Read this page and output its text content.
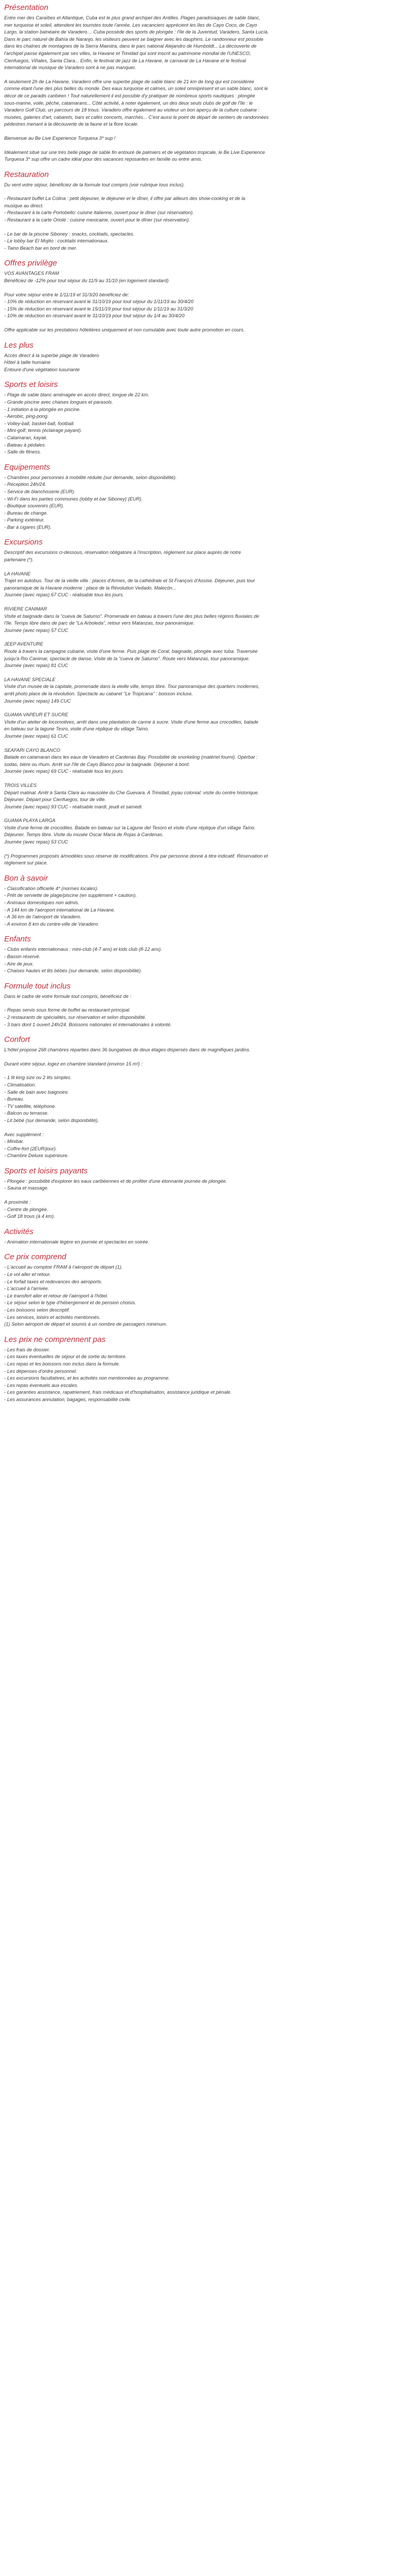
Présentation
Entre mer des Caraïbes et Atlantique, Cuba est le plus grand archipel des Antilles. Plages paradisiaques de sable blanc,
mer turquoise et soleil, attendent les touristes toute l'année. Les vacanciers apprécient les îles de Cayo Coco, de Cayo
Largo, la station balnéaire de Varadero… Cuba possède des sports de plongée : l'île de la Juventud, Varadero, Santa Lucía.
Dans le parc naturel de Bahía de Naranjo, les visiteurs peuvent se baigner avec les dauphins. Le randonneur est possible
dans les chaînes de montagnes de la Sierra Maestra, dans le parc national Alejandro de Humboldt... La découverte de
l'archipel passe également par ses villes, la Havane et Trinidad qui sont inscrit au patrimoine mondial de l'UNESCO,
Cienfuegos, Viñales, Santa Clara... Enfin, le festival de jazz de La Havane, le carnaval de La Havane et le festival
international de musique de Varadero sont à ne pas manquer.
A seulement 2h de La Havane, Varadero offre une superbe plage de sable blanc de 21 km de long qui est considérée
comme étant l'une des plus belles du monde. Des eaux turquoise et calmes, un soleil omniprésent et un sable blanc, sont le
décor de ce paradis caribéen ! Tout naturellement il est possible d'y pratiquer de nombreux sports nautiques : plongée
sous-marine, voile, pêche, catamarans... Côté activité, à noter également, un des deux seuls clubs de golf de l'île : le
Varadero Golf Club, un parcours de 18 trous. Varadero offre également au visiteur un bon aperçu de la culture cubaine :
musées, galeries d'art, cabarets, bars et cafés concerts, marchés... C'est aussi le point de départ de sentiers de randonnées
pédestres menant à la découverte de la faune et la flore locale.
Bienvenue au Be Live Experience Turquesa 3* sup !
Idéalement situé sur une très belle plage de sable fin entouré de palmiers et de végétation tropicale, le Be Live Experience
Turquesa 3* sup offre un cadre idéal pour des vacances reposantes en famille ou entre amis.
Restauration
Du vent votre séjour, bénéficiez de la formule tout compris (voir rubrique tous inclus).
- Restaurant buffet La Colina : petit déjeuner, le déjeuner et le dîner, il offre par ailleurs des show-cooking et de la
musique au direct.
- Restaurant à la carte Portobello: cuisine italienne, ouvert pour le dîner (sur réservation).
- Restaurant à la carte Oriolé : cuisine mexicaine, ouvert pour le dîner (sur réservation).
- Le bar de la piscine Siboney : snacks, cocktails, spectacles.
- Le lobby bar El Mojito : cocktails internationaux.
- Taino Beach bar en bord de mer.
Offres privilège
VOS AVANTAGES FRAM
Bénéficiez de -12% pour tout séjour du 11/9 au 31/10 (en logement standard)
Pour votre séjour entre le 1/11/19 et 31/3/20 bénéficiez de:
- 10% de réduction en réservant avant le 31/10/19 pour tout séjour du 1/11/19 au 30/4/20
- 15% de réduction en réservant avant le 15/11/19 pour tout séjour du 1/11/19 au 31/3/20
- 10% de réduction en réservant avant le 31/10/19 pour tout séjour du 1/4 au 30/4/20
Offre applicable sur les prestations hôtelières uniquement et non cumulable avec toute autre promotion en cours.
Les plus
Accès direct à la superbe plage de Varadero
Hôtel à taille humaine
Entouré d'une végétation luxuriante
Sports et loisirs
- Plage de sable blanc aménagée en accès direct, longue de 22 km.
- Grande piscine avec chaises longues et parasols.
- 1 initiation à la plongée en piscine.
- Aerobic, ping-pong.
- Volley-ball, basket-ball, football.
- Mini-golf, tennis (éclairage payant).
- Catamaran, kayak.
- Bateau à pédales.
- Salle de fitness.
Equipements
- Chambres pour personnes à mobilité réduite (sur demande, selon disponibilité).
- Réception 24h/24.
- Service de blanchisserie (EUR).
- Wi-Fi dans les parties communes (lobby et bar Siboney) (EUR).
- Boutique souvenirs (EUR).
- Bureau de change.
- Parking extérieur.
- Bar à cigares (EUR).
Excursions
Descriptif des excursions ci-dessous, réservation obligatoire à l'inscription, règlement sur place auprès de notre
partenaire (*).
LA HAVANE
Trajet en autobus. Tour de la vieille ville : places d'Armes, de la cathédrale et St François d'Assise. Déjeuner, puis tour
panoramique de la Havane moderne : place de la Révolution Vedado, Malecón...
Journée (avec repas) 67 CUC - réalisable tous les jours.
RIVIERE CANIMAR
Visite et baignade dans la "cueva de Saturno". Promenade en bateau à travers l'une des plus belles régions fluviales de
l'île. Temps libre dans de parc de "La Arboleda", retour vers Matanzas, tour panoramique.
Journée (avec repas) 57 CUC
JEEP AVENTURE
Route à travers la campagne cubaine, visite d'une ferme. Puis plage de Coral, baignade, plongée avec tuba. Traversée
jusqu'à Rio Canimar, spectacle de danse. Visite de la "cueva de Saturno". Route vers Matanzas, tour panoramique.
Journée (avec repas) 81 CUC
LA HAVANE SPECIALE
Visite d'un musée de la capitale, promenade dans la vieille ville, temps libre. Tour panoramique des quartiers modernes,
arrêt photo place de la révolution. Spectacle au cabaret "Le Tropicana" : boisson incluse.
Journée (avec repas) 149 CUC
GUAMA VAPEUR ET SUCRE
Visite d'un atelier de locomotives, arrêt dans une plantation de canne à sucre. Visite d'une ferme aux crocodiles, balade
en bateau sur la lagune Tesro, visite d'une réplique du village Taíno.
Journée (avec repas) 61 CUC
SEAFARI CAYO BLANCO
Balade en catamaran dans les eaux de Varadero et Cardenas Bay. Possibilité de snorkeling (matériel fourni). Opérbar :
sodas, bière ou rhum. Arrêt sur l'île de Cayo Blanco pour la baignade. Déjeuner à bord.
Journée (avec repas) 69 CUC - réalisable tous les jours.
TROIS VILLES
Départ matinal. Arrêt à Santa Clara au mausolée du Che Guevara. A Trinidad, joyau colonial: visite du centre historique.
Déjeuner. Départ pour Cienfuegos, tour de ville.
Journée (avec repas) 93 CUC - réalisable mardi, jeudi et samedi.
GUAMA PLAYA LARGA
Visite d'une ferme de crocodiles. Balade en bateau sur la Lagune del Tesoro et visite d'une réplique d'un village Taíno.
Déjeuner. Temps libre. Visite du musée Oscar María de Rojas à Cardenas.
Journée (avec repas) 53 CUC
(*) Programmes proposés à/modèles sous réserve de modifications. Prix par personne donné à titre indicatif. Réservation et
règlement sur place.
Bon à savoir
- Classification officielle 4* (normes locales).
- Prêt de serviette de plage/piscine (en supplément + caution).
- Animaux domestiques non admis.
- A 144 km de l'aéroport international de La Havane.
- A 36 km de l'aéroport de Varadero.
- A environ 8 km du centre-ville de Varadero.
Enfants
- Clubs enfants internationaux : mini-club (4-7 ans) et kids club (8-12 ans).
- Bassin réservé.
- Aire de jeux.
- Chaises hautes et lits bébés (sur demande, selon disponibilité).
Formule tout inclus
Dans le cadre de votre formule tout compris, bénéficiez de :
- Repas servis sous forme de buffet au restaurant principal.
- 2 restaurants de spécialités, sur réservation et selon disponibilité.
- 3 bars dont 1 ouvert 24h/24. Boissons nationales et internationales à volonté.
Confort
L'hôtel propose 268 chambres réparties dans 36 bungalows de deux étages dispersés dans de magnifiques jardins.
Durant votre séjour, logez en chambre standard (environ 15 m²) :
- 1 lit king size ou 2 lits simples.
- Climatisation.
- Salle de bain avec baignoire.
- Bureau.
- TV satellite, téléphone.
- Balcon ou terrasse.
- Lit bébé (sur demande, selon disponibilité).
Avec supplément :
- Minibar.
- Coffre-fort (2EUR/jour).
- Chambre Deluxe supérieure.
Sports et loisirs payants
- Plongée : possibilité d'explorer les eaux caribéennes et de profiter d'une étonnante journée de plongée.
- Sauna et massage.
A proximité :
- Centre de plongée.
- Golf 18 trous (à 4 km).
Activités
- Animation internationale légère en journée et spectacles en soirée.
Ce prix comprend
- L'accueil au comptoir FRAM à l'aéroport de départ (1).
- Le vol aller et retour.
- Le forfait taxes et redevances des aéroports.
- L'accueil à l'arrivée.
- Le transfert aller et retour de l'aéroport à l'hôtel.
- Le séjour selon le type d'hébergement et de pension choisis.
- Les boissons selon descriptif.
- Les services, loisirs et activités mentionnés.
(1) Selon aéroport de départ et soumis à un nombre de passagers minimum.
Les prix ne comprennent pas
- Les frais de dossier.
- Les taxes éventuelles de séjour et de sortie du territoire.
- Les repas et les boissons non inclus dans la formule.
- Les dépenses d'ordre personnel.
- Les excursions facultatives, et les activités non mentionnées au programme.
- Les repas éventuels aux escales.
- Les garanties assistance, rapatriement, frais médicaux et d'hospitalisation, assistance juridique et pénale.
- Les assurances annulation, bagages, responsabilité civile.
